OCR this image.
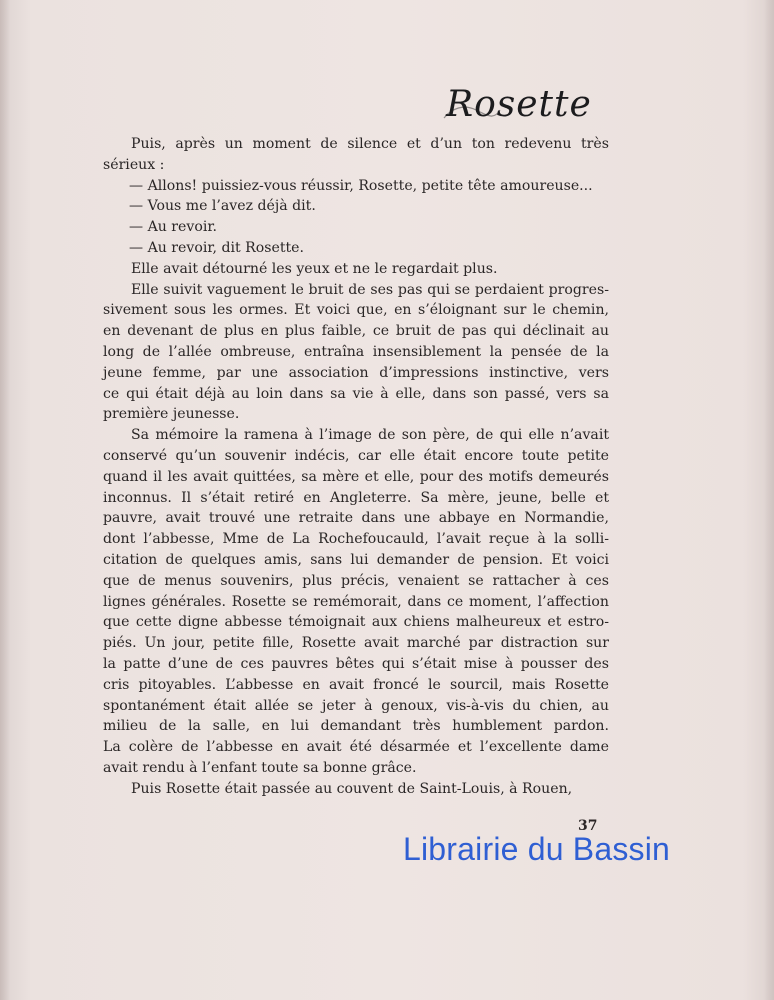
Rosette
Puis, après un moment de silence et d’un ton redevenu très
sérieux :
— Allons! puissiez-vous réussir, Rosette, petite tête amoureuse...
— Vous me l’avez déjà dit.
— Au revoir.
— Au revoir, dit Rosette.
Elle avait détourné les yeux et ne le regardait plus.
Elle suivit vaguement le bruit de ses pas qui se perdaient progres-
sivement sous les ormes. Et voici que, en s’éloignant sur le chemin,
en devenant de plus en plus faible, ce bruit de pas qui déclinait au
long de l’allée ombreuse, entraîna insensiblement la pensée de la
jeune femme, par une association d’impressions instinctive, vers
ce qui était déjà au loin dans sa vie à elle, dans son passé, vers sa
première jeunesse.
Sa mémoire la ramena à l’image de son père, de qui elle n’avait
conservé qu’un souvenir indécis, car elle était encore toute petite
quand il les avait quittées, sa mère et elle, pour des motifs demeurés
inconnus. Il s’était retiré en Angleterre. Sa mère, jeune, belle et
pauvre, avait trouvé une retraite dans une abbaye en Normandie,
dont l’abbesse, Mme de La Rochefoucauld, l’avait reçue à la solli-
citation de quelques amis, sans lui demander de pension. Et voici
que de menus souvenirs, plus précis, venaient se rattacher à ces
lignes générales. Rosette se remémorait, dans ce moment, l’affection
que cette digne abbesse témoignait aux chiens malheureux et estro-
piés. Un jour, petite fille, Rosette avait marché par distraction sur
la patte d’une de ces pauvres bêtes qui s’était mise à pousser des
cris pitoyables. L’abbesse en avait froncé le sourcil, mais Rosette
spontanément était allée se jeter à genoux, vis-à-vis du chien, au
milieu de la salle, en lui demandant très humblement pardon.
La colère de l’abbesse en avait été désarmée et l’excellente dame
avait rendu à l’enfant toute sa bonne grâce.
Puis Rosette était passée au couvent de Saint-Louis, à Rouen,
37
Librairie du Bassin
